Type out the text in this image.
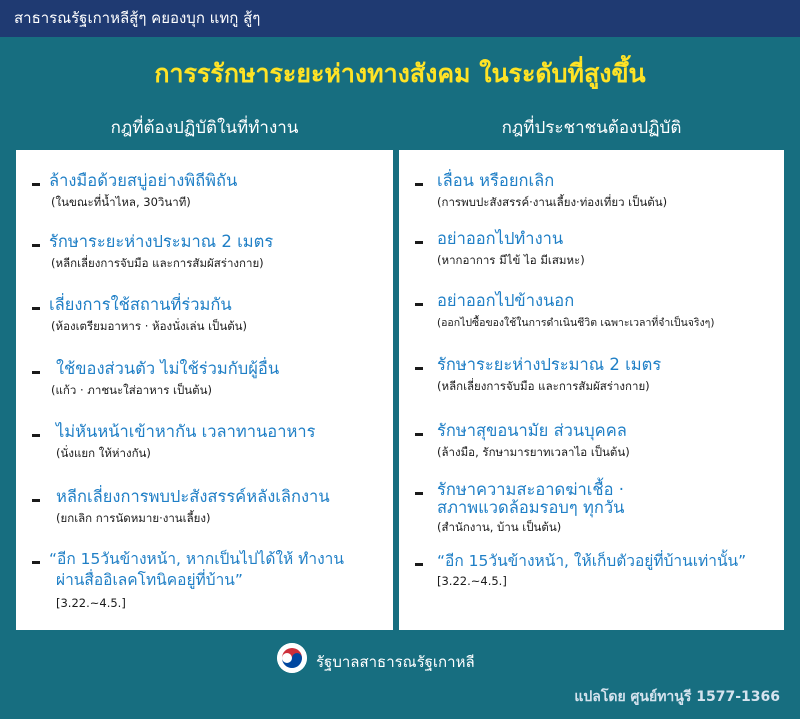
สาธารณรัฐเกาหลีสู้ๆ คยองบุก แทกู สู้ๆ
การรรักษาระยะห่างทางสังคม ในระดับที่สูงขึ้น
กฎที่ต้องปฏิบัติในที่ทำงาน	กฎที่ประชาชนต้องปฏิบัติ
ล้างมือด้วยสบู่อย่างพิถีพิถัน
(ในขณะที่น้ำไหล, 30วินาที)
รักษาระยะห่างประมาณ 2 เมตร
(หลีกเลี่ยงการจับมือ และการสัมผัสร่างกาย)
เลี่ยงการใช้สถานที่ร่วมกัน
(ห้องเตรียมอาหาร · ห้องนั่งเล่น เป็นต้น)
ใช้ของส่วนตัว ไม่ใช้ร่วมกับผู้อื่น
(แก้ว · ภาชนะใส่อาหาร เป็นต้น)
ไม่หันหน้าเข้าหากัน เวลาทานอาหาร
(นั่งแยก ให้ห่างกัน)
หลีกเลี่ยงการพบปะสังสรรค์หลังเลิกงาน
(ยกเลิก การนัดหมาย·งานเลี้ยง)
“อีก 15วันข้างหน้า, หากเป็นไปได้ให้ ทำงาน
ผ่านสื่ออิเลคโทนิคอยู่ที่บ้าน”
[3.22.~4.5.]
เลื่อน หรือยกเลิก
(การพบปะสังสรรค์·งานเลี้ยง·ท่องเที่ยว เป็นต้น)
อย่าออกไปทำงาน
(หากอาการ มีไข้ ไอ มีเสมหะ)
อย่าออกไปข้างนอก
(ออกไปซื้อของใช้ในการดำเนินชีวิต เฉพาะเวลาที่จำเป็นจริงๆ)
รักษาระยะห่างประมาณ 2 เมตร
(หลีกเลี่ยงการจับมือ และการสัมผัสร่างกาย)
รักษาสุขอนามัย ส่วนบุคคล
(ล้างมือ, รักษามารยาทเวลาไอ เป็นต้น)
รักษาความสะอาดฆ่าเชื้อ ·
สภาพแวดล้อมรอบๆ ทุกวัน
(สำนักงาน, บ้าน เป็นต้น)
“อีก 15วันข้างหน้า, ให้เก็บตัวอยู่ที่บ้านเท่านั้น”
[3.22.~4.5.]
รัฐบาลสาธารณรัฐเกาหลี
แปลโดย ศูนย์ทานูรี 1577-1366
